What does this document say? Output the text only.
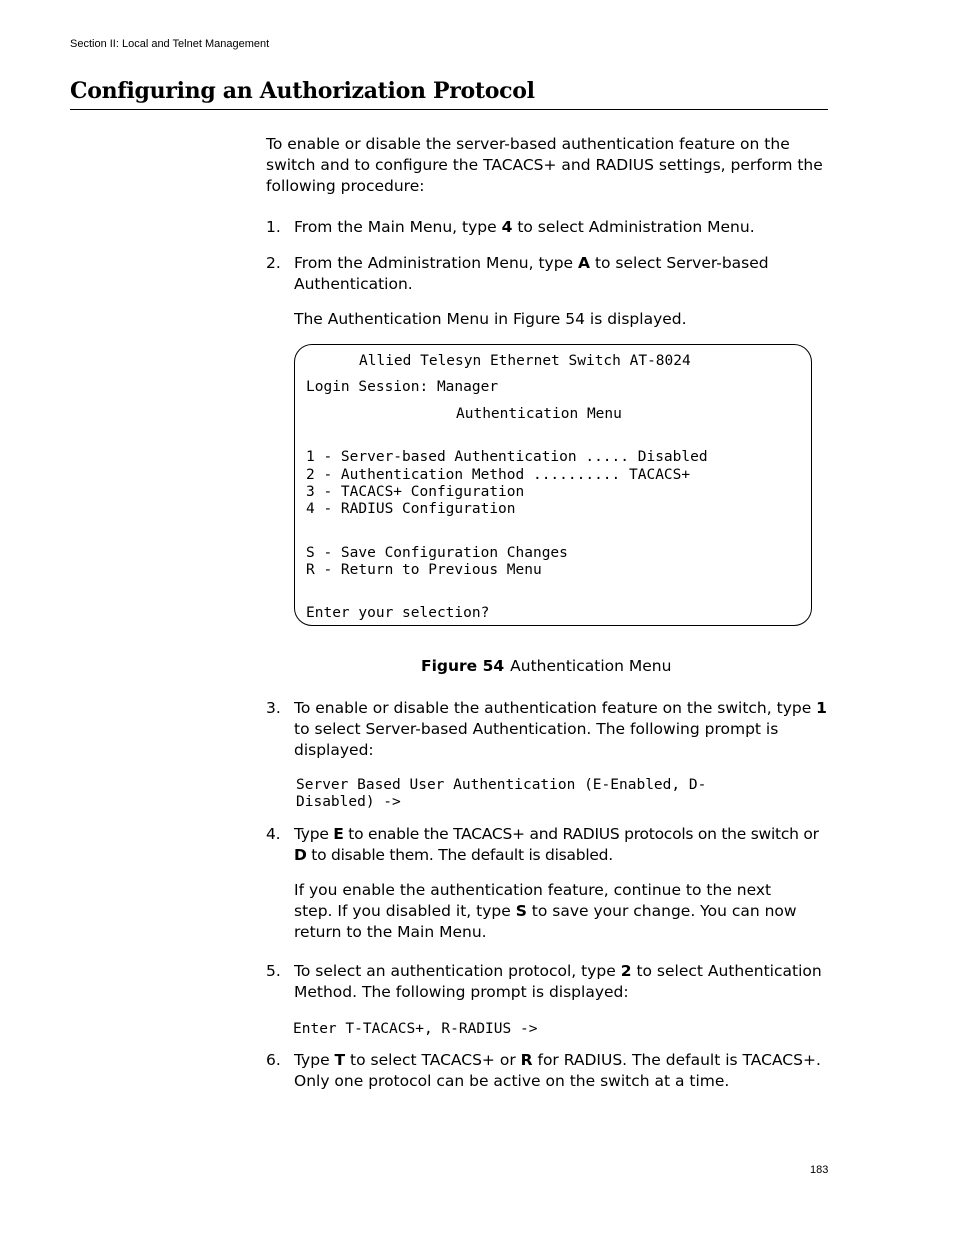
Section II: Local and Telnet Management
Configuring an Authorization Protocol

To enable or disable the server-based authentication feature on the switch and to configure the TACACS+ and RADIUS settings, perform the following procedure:

1. From the Main Menu, type 4 to select Administration Menu.
2. From the Administration Menu, type A to select Server-based Authentication.

The Authentication Menu in Figure 54 is displayed.

Allied Telesyn Ethernet Switch AT-8024
Login Session: Manager
Authentication Menu
1 - Server-based Authentication ..... Disabled
2 - Authentication Method .......... TACACS+
3 - TACACS+ Configuration
4 - RADIUS Configuration
S - Save Configuration Changes
R - Return to Previous Menu
Enter your selection?
Figure 54 Authentication Menu
3. To enable or disable the authentication feature on the switch, type 1 to select Server-based Authentication. The following prompt is displayed:
Server Based User Authentication (E-Enabled, D-
Disabled) ->
4. Type E to enable the TACACS+ and RADIUS protocols on the switch or D to disable them. The default is disabled.

If you enable the authentication feature, continue to the next step. If you disabled it, type S to save your change. You can now return to the Main Menu.

5. To select an authentication protocol, type 2 to select Authentication Method. The following prompt is displayed:
Enter T-TACACS+, R-RADIUS ->
6. Type T to select TACACS+ or R for RADIUS. The default is TACACS+. Only one protocol can be active on the switch at a time.
183
